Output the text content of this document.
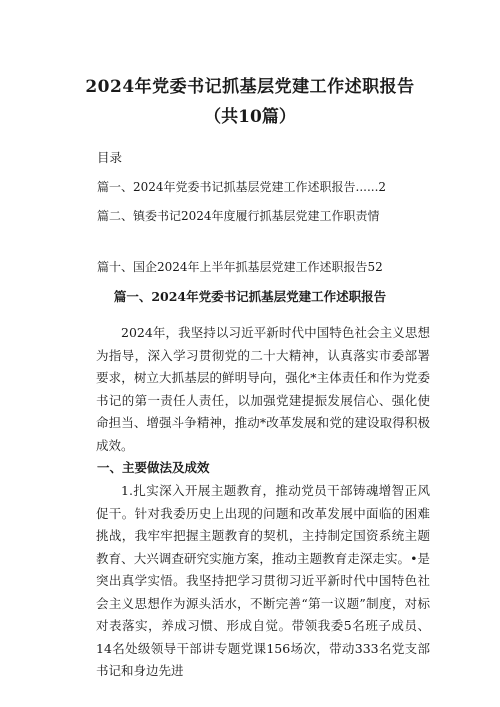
2024年党委书记抓基层党建工作述职报告
（共10篇）
目录
篇一、2024年党委书记抓基层党建工作述职报告......2
篇二、镇委书记2024年度履行抓基层党建工作职责情
篇十、国企2024年上半年抓基层党建工作述职报告52
篇一、2024年党委书记抓基层党建工作述职报告
2024年，我坚持以习近平新时代中国特色社会主义思想为指导，深入学习贯彻党的二十大精神，认真落实市委部署要求，树立大抓基层的鲜明导向，强化*主体责任和作为党委书记的第一责任人责任，以加强党建提振发展信心、强化使命担当、增强斗争精神，推动*改革发展和党的建设取得积极成效。
一、主要做法及成效
1.扎实深入开展主题教育，推动党员干部铸魂增智正风促干。针对我委历史上出现的问题和改革发展中面临的困难挑战，我牢牢把握主题教育的契机，主持制定国资系统主题教育、大兴调查研究实施方案，推动主题教育走深走实。•是突出真学实悟。我坚持把学习贯彻习近平新时代中国特色社会主义思想作为源头活水，不断完善“第一议题”制度，对标对表落实，养成习惯、形成自觉。带领我委5名班子成员、14名处级领导干部讲专题党课156场次，带动333名党支部书记和身边先进
